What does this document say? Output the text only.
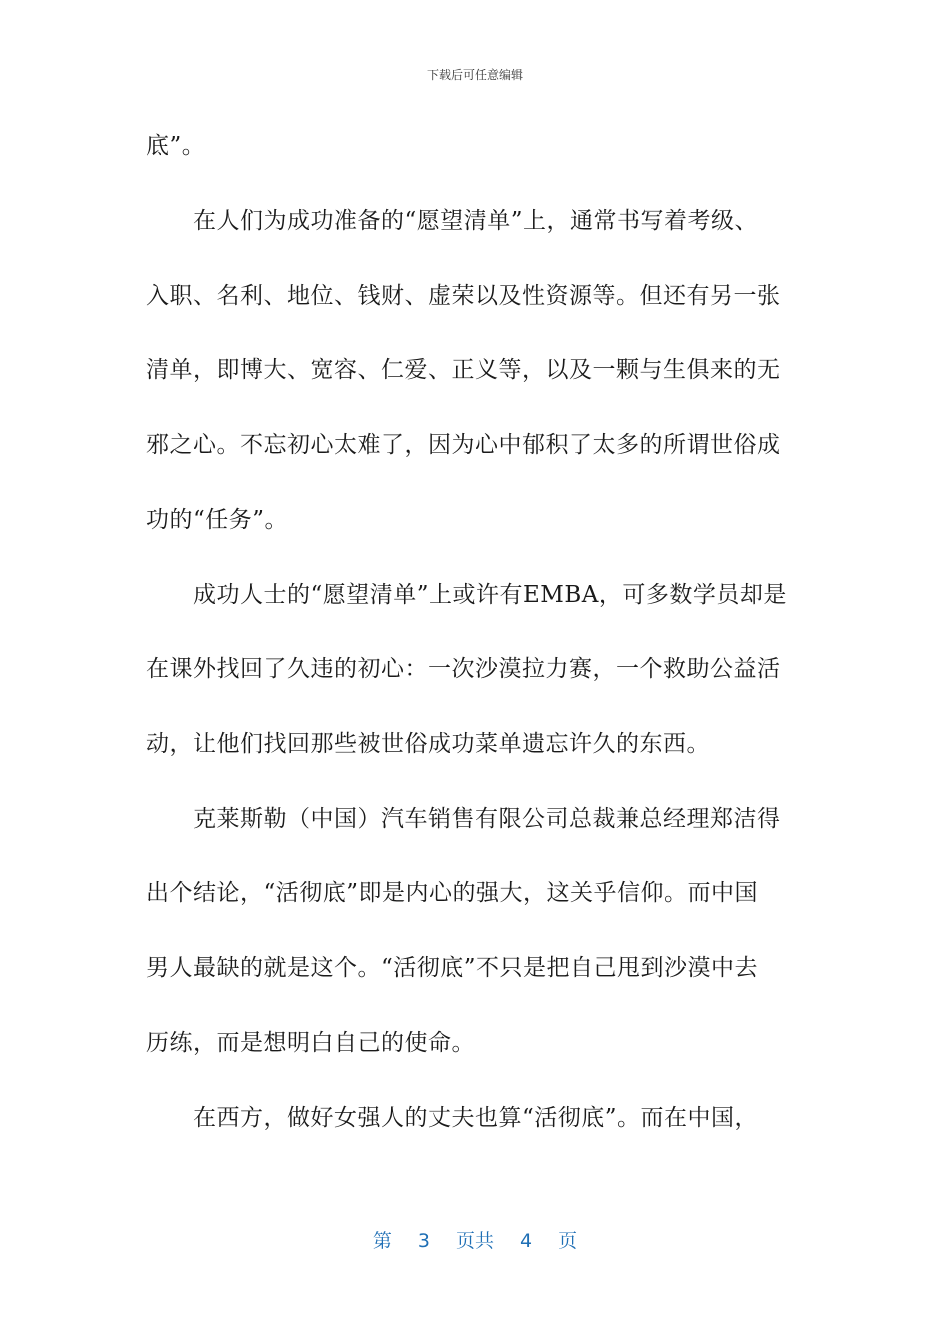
下载后可任意编辑
底”。
在人们为成功准备的“愿望清单”上，通常书写着考级、
入职、名利、地位、钱财、虚荣以及性资源等。但还有另一张
清单，即博大、宽容、仁爱、正义等，以及一颗与生俱来的无
邪之心。不忘初心太难了，因为心中郁积了太多的所谓世俗成
功的“任务”。
成功人士的“愿望清单”上或许有EMBA，可多数学员却是
在课外找回了久违的初心：一次沙漠拉力赛，一个救助公益活
动，让他们找回那些被世俗成功菜单遗忘许久的东西。
克莱斯勒（中国）汽车销售有限公司总裁兼总经理郑洁得
出个结论，“活彻底”即是内心的强大，这关乎信仰。而中国
男人最缺的就是这个。“活彻底”不只是把自己甩到沙漠中去
历练，而是想明白自己的使命。
在西方，做好女强人的丈夫也算“活彻底”。而在中国，
第 3 页共 4 页
